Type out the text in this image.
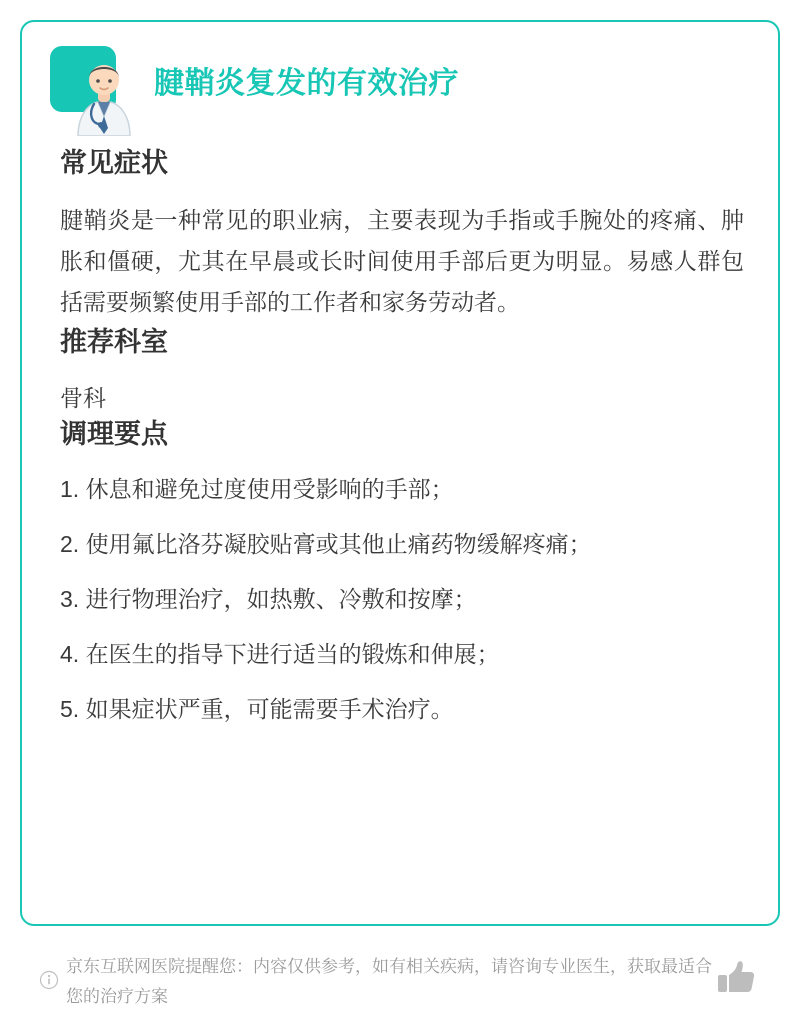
腱鞘炎复发的有效治疗
常见症状

腱鞘炎是一种常见的职业病，主要表现为手指或手腕处的疼痛、肿胀和僵硬，尤其在早晨或长时间使用手部后更为明显。易感人群包括需要频繁使用手部的工作者和家务劳动者。

推荐科室

骨科

调理要点
休息和避免过度使用受影响的手部；
使用氟比洛芬凝胶贴膏或其他止痛药物缓解疼痛；
进行物理治疗，如热敷、冷敷和按摩；
在医生的指导下进行适当的锻炼和伸展；
如果症状严重，可能需要手术治疗。
京东互联网医院提醒您：内容仅供参考，如有相关疾病，请咨询专业医生，获取最适合您的治疗方案
